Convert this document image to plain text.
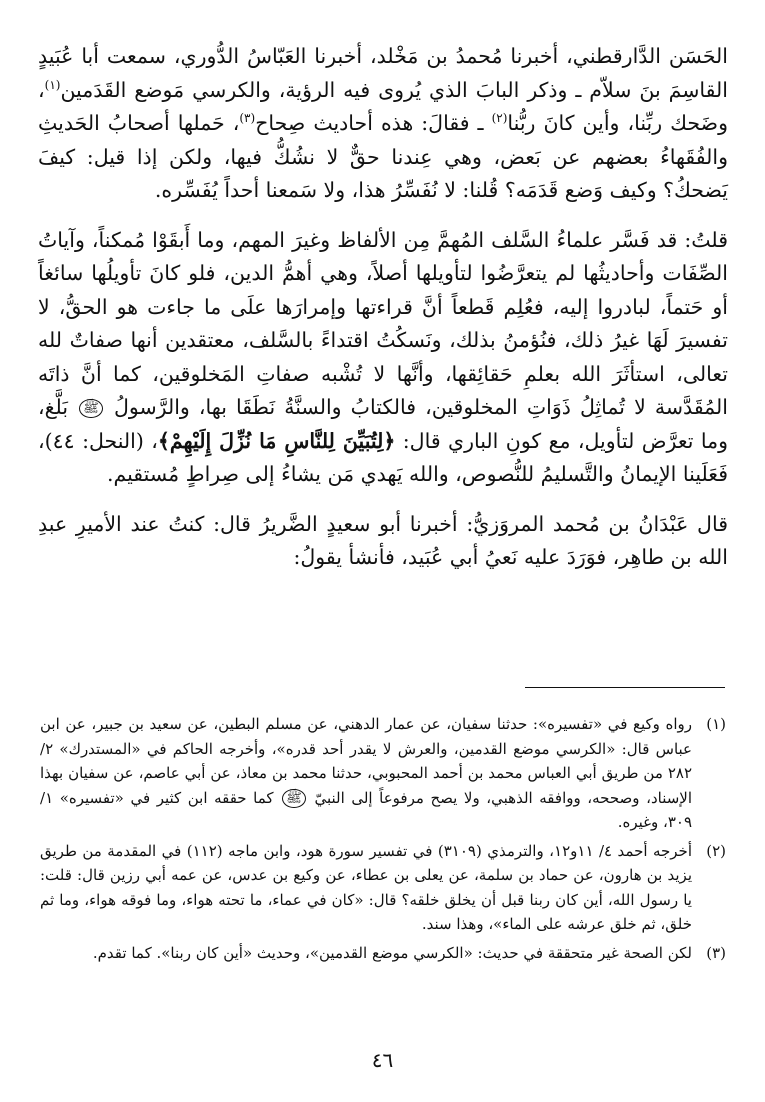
الحَسَن الدَّارقطني، أخبرنا مُحمدُ بن مَخْلد، أخبرنا العَبّاسُ الدُّوري، سمعت أبا عُبَيدٍ القاسِمَ بنَ سلاّم ـ وذكر البابَ الذي يُروى فيه الرؤية، والكرسي مَوضع القَدَمين$^{(١)}$، وضَحك ربِّنا، وأين كانَ ربُّنا$^{(٢)}$ ـ فقالَ: هذه أحاديث صِحاح$^{(٣)}$، حَملها أصحابُ الحَديثِ والفُقَهاءُ بعضهم عن بَعض، وهي عِندنا حقٌّ لا نشُكُّ فيها، ولكن إذا قيل: كيفَ يَضحكُ؟ وكيف وَضع قَدَمَه؟ قُلنا: لا نُفَسِّرُ هذا، ولا سَمعنا أحداً يُفَسِّره.

قلتُ: قد فَسَّر علماءُ السَّلف المُهمَّ مِن الألفاظ وغيرَ المهم، وما أَبقَوْا مُمكناً، وآياتُ الصِّفَات وأحاديثُها لم يتعرَّضُوا لتأويلها أصلاً، وهي أهمُّ الدين، فلو كانَ تأويلُها سائغاً أو حَتماً، لبادروا إليه، فعُلِم قَطعاً أنَّ قراءتها وإمرارَها علَى ما جاءت هو الحقُّ، لا تفسيرَ لَهَا غيرُ ذلك، فنُؤمنُ بذلك، ونَسكُتُ اقتداءً بالسَّلف، معتقدين أنها صفاتٌ لله تعالى، استأثَرَ الله بعلمِ حَقائِقها، وأنَّها لا تُشْبه صفاتِ المَخلوقين، كما أنَّ ذاتَه المُقَدَّسة لا تُماثِلُ ذَوَاتِ المخلوقين، فالكتابُ والسنَّةُ نَطَقَا بها، والرَّسولُ ﷺ بَلَّغ، وما تعرَّض لتأويل، مع كونِ الباري قال: ﴿لِتُبَيِّنَ لِلنَّاسِ مَا نُزِّلَ إِلَيْهِمْ﴾، (النحل: ٤٤)، فَعَلَينا الإيمانُ والتَّسليمُ للنُّصوص، والله يَهدي مَن يشاءُ إلى صِراطٍ مُستقيم.

قال عَبْدَانُ بن مُحمد المروَزيُّ: أخبرنا أبو سعيدٍ الضَّريرُ قال: كنتُ عند الأميرِ عبدِ الله بن طاهِر، فوَرَدَ عليه نَعيُ أبي عُبَيد، فأنشأ يقولُ:

(١)
رواه وكيع في «تفسيره»: حدثنا سفيان، عن عمار الدهني، عن مسلم البطين، عن سعيد بن جبير، عن ابن عباس قال: «الكرسي موضع القدمين، والعرش لا يقدر أحد قدره»، وأخرجه الحاكم في «المستدرك» ٢/ ٢٨٢ من طريق أبي العباس محمد بن أحمد المحبوبي، حدثنا محمد بن معاذ، عن أبي عاصم، عن سفيان بهذا الإسناد، وصححه، ووافقه الذهبي، ولا يصح مرفوعاً إلى النبيّ ﷺ كما حققه ابن كثير في «تفسيره» ١/ ٣٠٩، وغيره.
(٢)
أخرجه أحمد ٤/ ١١و١٢، والترمذي (٣١٠٩) في تفسير سورة هود، وابن ماجه (١١٢) في المقدمة من طريق يزيد بن هارون، عن حماد بن سلمة، عن يعلى بن عطاء، عن وكيع بن عدس، عن عمه أبي رزين قال: قلت: يا رسول الله، أين كان ربنا قبل أن يخلق خلقه؟ قال: «كان في عماء، ما تحته هواء، وما فوقه هواء، وما ثم خلق، ثم خلق عرشه على الماء»، وهذا سند.
(٣)
لكن الصحة غير متحققة في حديث: «الكرسي موضع القدمين»، وحديث «أين كان ربنا». كما تقدم.
٤٦
